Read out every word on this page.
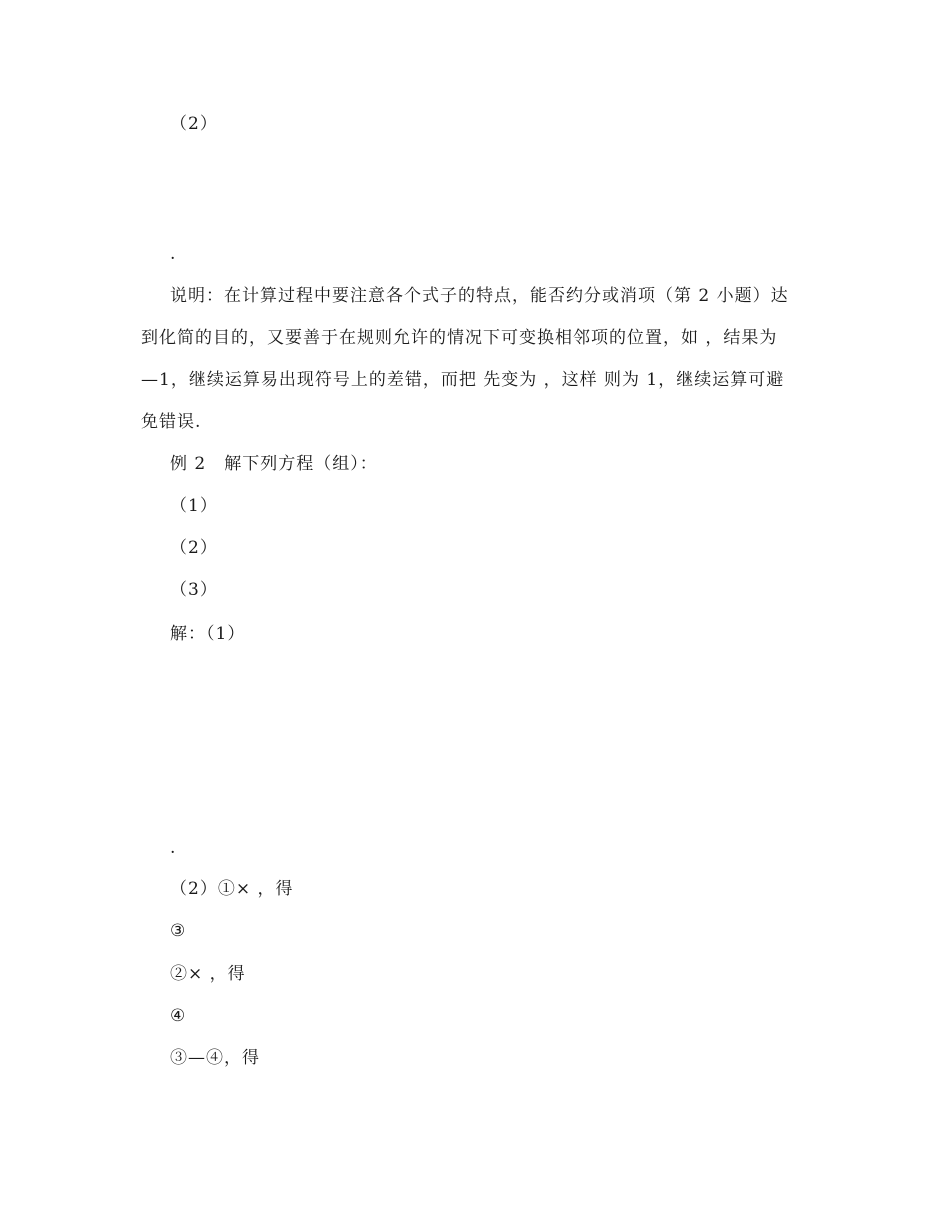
（2）
.
说明：在计算过程中要注意各个式子的特点，能否约分或消项（第 2 小题）达
到化简的目的，又要善于在规则允许的情况下可变换相邻项的位置，如 ，结果为
—1，继续运算易出现符号上的差错，而把 先变为 ，这样 则为 1，继续运算可避
免错误.
例 2　解下列方程（组）：
（1）
（2）
（3）
解：（1）
.
（2）①× ，得
③
②× ，得
④
③—④，得
